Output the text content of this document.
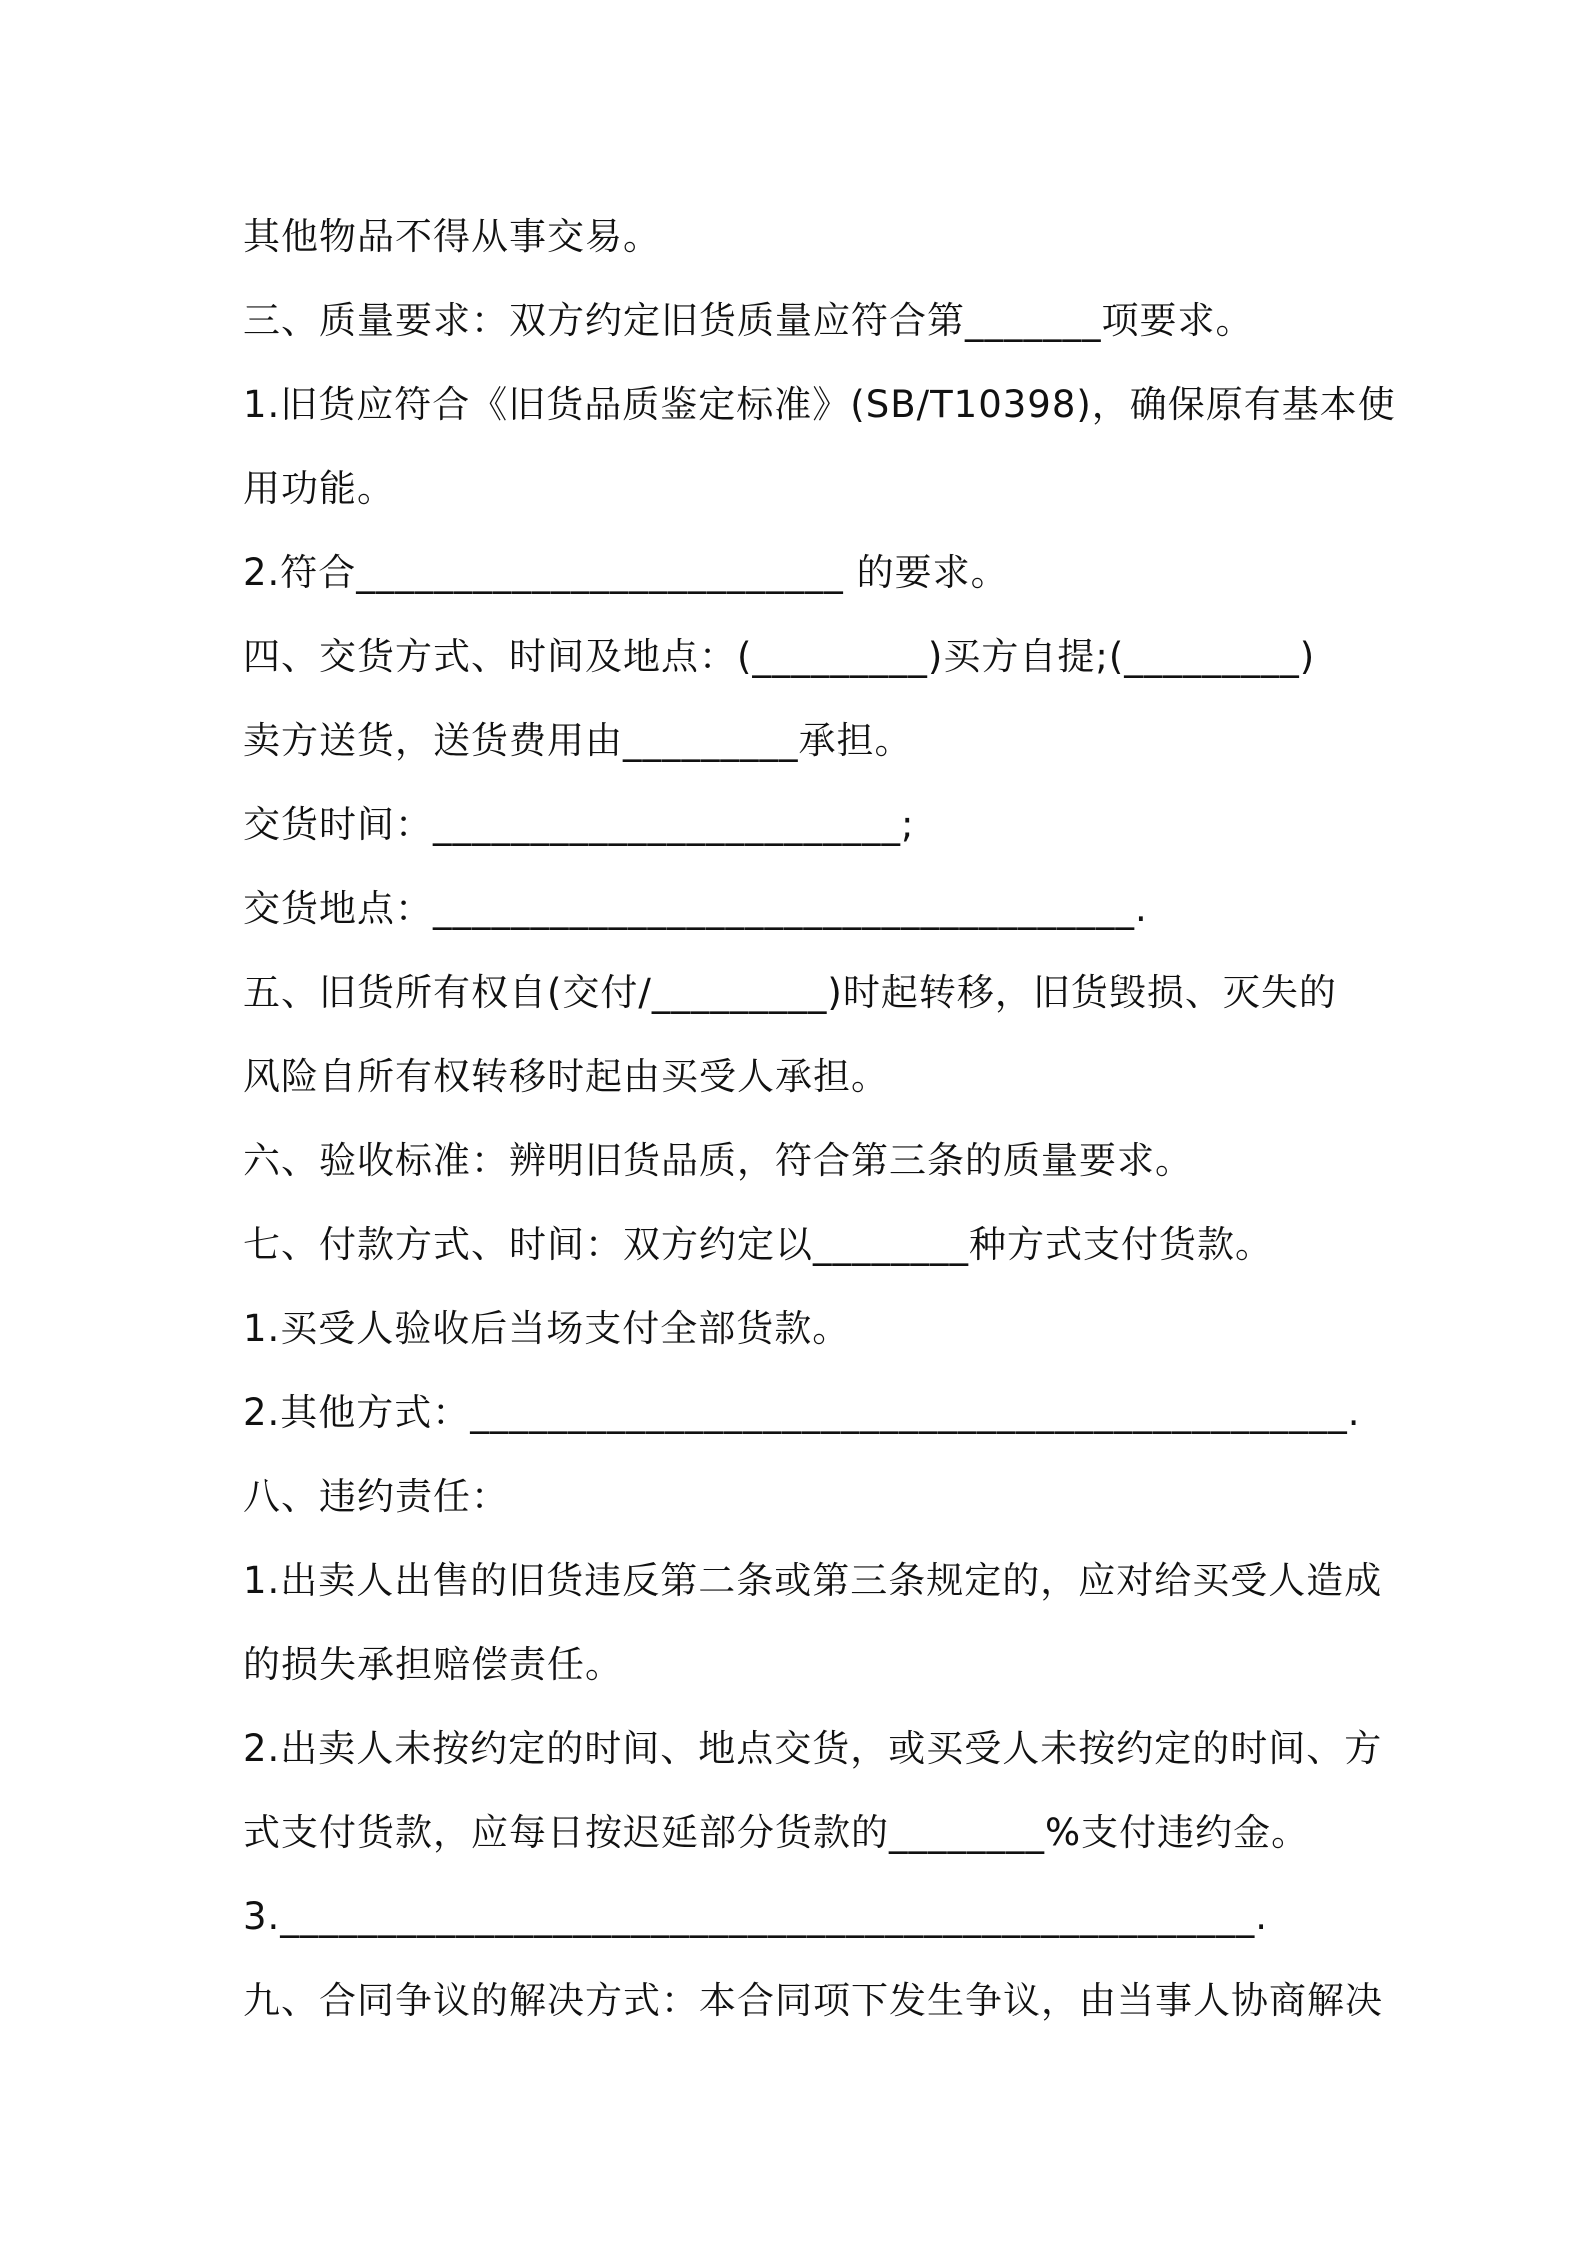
其他物品不得从事交易。
三、质量要求：双方约定旧货质量应符合第_______项要求。
1.旧货应符合《旧货品质鉴定标准》(SB/T10398)，确保原有基本使
用功能。
2.符合_________________________ 的要求。
四、交货方式、时间及地点：(_________)买方自提;(_________)
卖方送货，送货费用由_________承担。
交货时间：________________________;
交货地点：____________________________________.
五、旧货所有权自(交付/_________)时起转移，旧货毁损、灭失的
风险自所有权转移时起由买受人承担。
六、验收标准：辨明旧货品质，符合第三条的质量要求。
七、付款方式、时间：双方约定以________种方式支付货款。
1.买受人验收后当场支付全部货款。
2.其他方式：_____________________________________________.
八、违约责任：
1.出卖人出售的旧货违反第二条或第三条规定的，应对给买受人造成
的损失承担赔偿责任。
2.出卖人未按约定的时间、地点交货，或买受人未按约定的时间、方
式支付货款，应每日按迟延部分货款的________%支付违约金。
3.__________________________________________________.
九、合同争议的解决方式：本合同项下发生争议，由当事人协商解决
